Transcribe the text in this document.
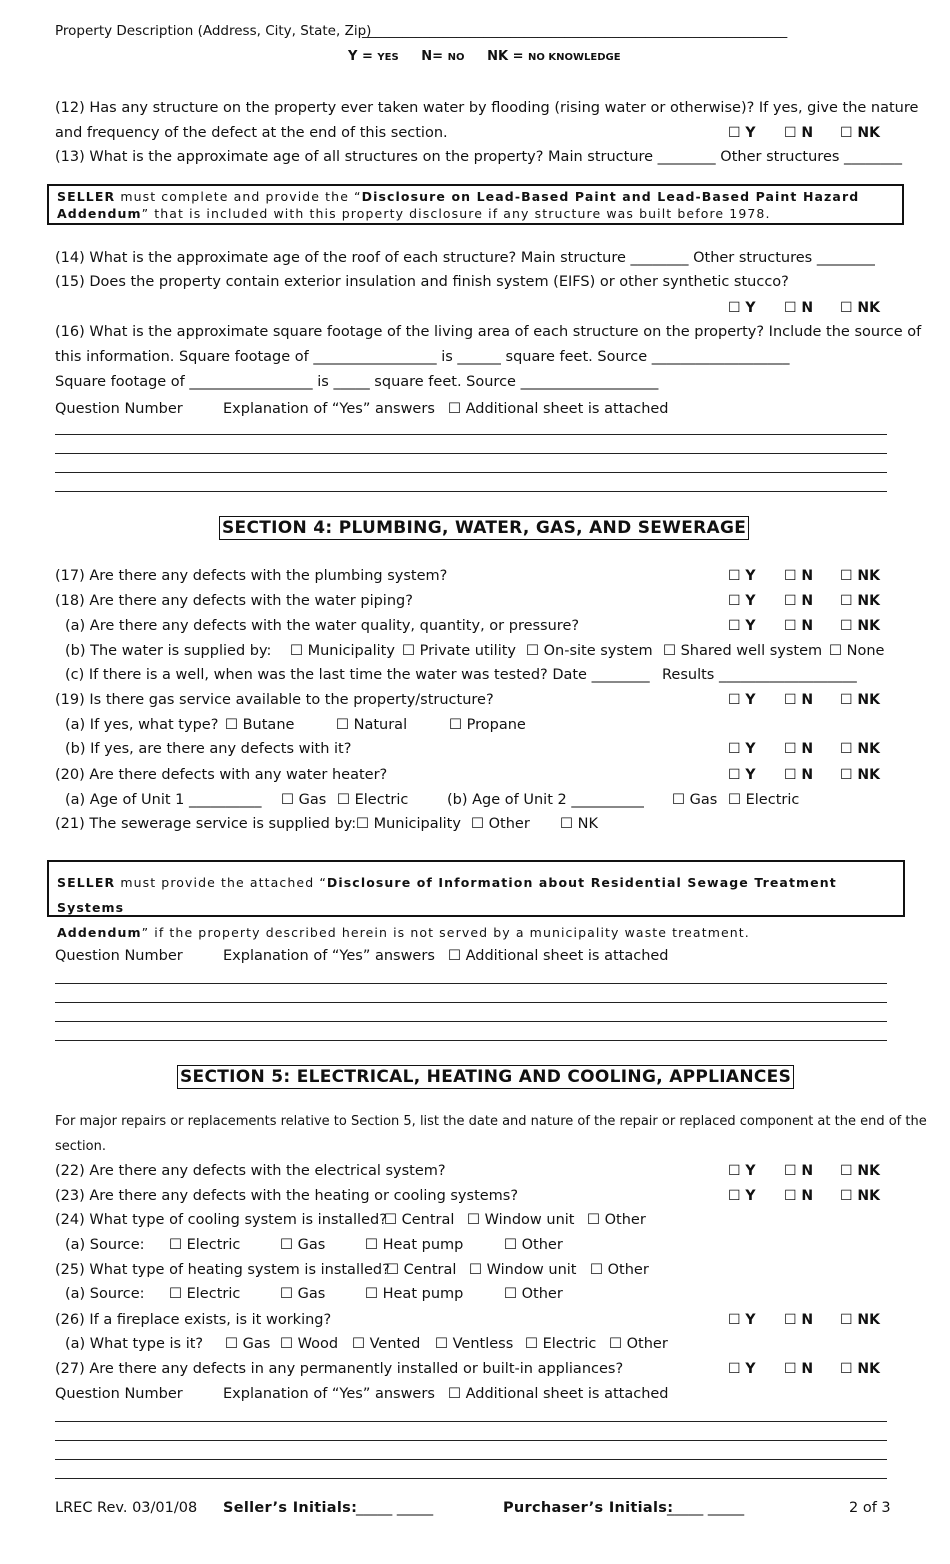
Property Description (Address, City, State, Zip)
_______________________________________________________________
Y = YES N= NO NK = NO KNOWLEDGE
(12) Has any structure on the property ever taken water by flooding (rising water or otherwise)? If yes, give the nature
and frequency of the defect at the end of this section.	☐ Y ☐ N ☐ NK
(13) What is the approximate age of all structures on the property? Main structure ________ Other structures ________
SELLER must complete and provide the “Disclosure on Lead-Based Paint and Lead-Based Paint Hazard
Addendum” that is included with this property disclosure if any structure was built before 1978.
(14) What is the approximate age of the roof of each structure? Main structure ________ Other structures ________
(15) Does the property contain exterior insulation and finish system (EIFS) or other synthetic stucco?
☐ Y ☐ N ☐ NK
(16) What is the approximate square footage of the living area of each structure on the property? Include the source of
this information. Square footage of _________________ is ______ square feet. Source ___________________
Square footage of _________________ is _____ square feet. Source ___________________
Question Number	Explanation of “Yes” answers ☐ Additional sheet is attached
SECTION 4: PLUMBING, WATER, GAS, AND SEWERAGE
(17) Are there any defects with the plumbing system?	☐ Y ☐ N ☐ NK
(18) Are there any defects with the water piping?	☐ Y ☐ N ☐ NK
(a) Are there any defects with the water quality, quantity, or pressure?	☐ Y ☐ N ☐ NK
(b) The water is supplied by: ☐ Municipality ☐ Private utility ☐ On-site system ☐ Shared well system ☐ None
(c) If there is a well, when was the last time the water was tested? Date ________ Results ___________________
(19) Is there gas service available to the property/structure?	☐ Y ☐ N ☐ NK
(a) If yes, what type? ☐ Butane	☐ Natural	☐ Propane
(b) If yes, are there any defects with it?	☐ Y ☐ N ☐ NK
(20) Are there defects with any water heater?	☐ Y ☐ N ☐ NK
(a) Age of Unit 1 __________ ☐ Gas ☐ Electric	(b) Age of Unit 2 __________ ☐ Gas ☐ Electric
(21) The sewerage service is supplied by: ☐ Municipality ☐ Other ☐ NK
SELLER must provide the attached “Disclosure of Information about Residential Sewage Treatment Systems
Addendum” if the property described herein is not served by a municipality waste treatment.
Question Number	Explanation of “Yes” answers ☐ Additional sheet is attached
SECTION 5: ELECTRICAL, HEATING AND COOLING, APPLIANCES
For major repairs or replacements relative to Section 5, list the date and nature of the repair or replaced component at the end of the
section.
(22) Are there any defects with the electrical system?	☐ Y ☐ N ☐ NK
(23) Are there any defects with the heating or cooling systems?	☐ Y ☐ N ☐ NK
(24) What type of cooling system is installed?
☐ Central ☐ Window unit ☐ Other
(a) Source: ☐ Electric	☐ Gas	☐ Heat pump	☐ Other
(25) What type of heating system is installed?
☐ Central ☐ Window unit ☐ Other
(a) Source: ☐ Electric	☐ Gas	☐ Heat pump	☐ Other
(26) If a fireplace exists, is it working?	☐ Y ☐ N ☐ NK
(a) What type is it? ☐ Gas ☐ Wood ☐ Vented ☐ Ventless ☐ Electric ☐ Other
(27) Are there any defects in any permanently installed or built-in appliances?	☐ Y ☐ N ☐ NK
Question Number	Explanation of “Yes” answers ☐ Additional sheet is attached
LREC Rev. 03/01/08 Seller’s Initials:
_____ _____	Purchaser’s Initials:
_____ _____	2 of 3
